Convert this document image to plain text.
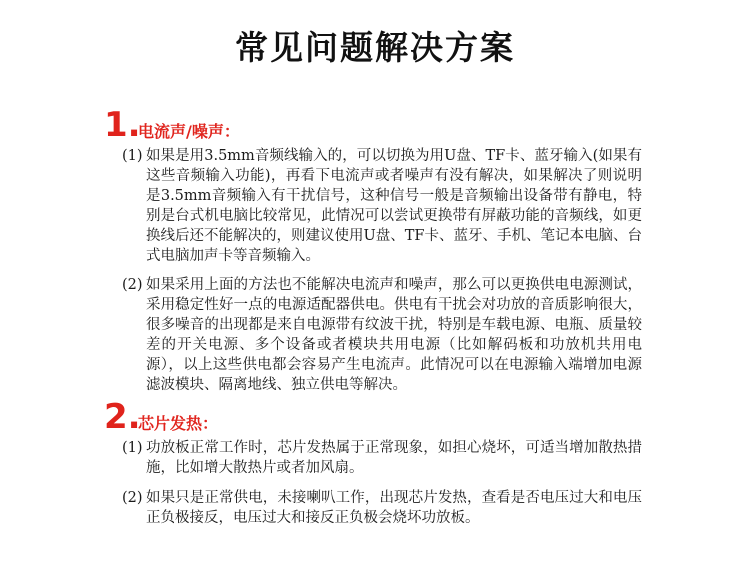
常见问题解决方案
1.
电流声/噪声：
(1) 如果是用3.5mm音频线输入的，可以切换为用U盘、TF卡、蓝牙输入(如果有这些音频输入功能)，再看下电流声或者噪声有没有解决，如果解决了则说明是3.5mm音频输入有干扰信号，这种信号一般是音频输出设备带有静电，特别是台式机电脑比较常见，此情况可以尝试更换带有屏蔽功能的音频线，如更换线后还不能解决的，则建议使用U盘、TF卡、蓝牙、手机、笔记本电脑、台式电脑加声卡等音频输入。
(2) 如果采用上面的方法也不能解决电流声和噪声，那么可以更换供电电源测试，采用稳定性好一点的电源适配器供电。供电有干扰会对功放的音质影响很大，很多噪音的出现都是来自电源带有纹波干扰，特别是车载电源、电瓶、质量较差的开关电源、多个设备或者模块共用电源（比如解码板和功放机共用电源），以上这些供电都会容易产生电流声。此情况可以在电源输入端增加电源滤波模块、隔离地线、独立供电等解决。
2.
芯片发热：
(1) 功放板正常工作时，芯片发热属于正常现象，如担心烧坏，可适当增加散热措施，比如增大散热片或者加风扇。
(2) 如果只是正常供电，未接喇叭工作，出现芯片发热，查看是否电压过大和电压正负极接反，电压过大和接反正负极会烧坏功放板。
